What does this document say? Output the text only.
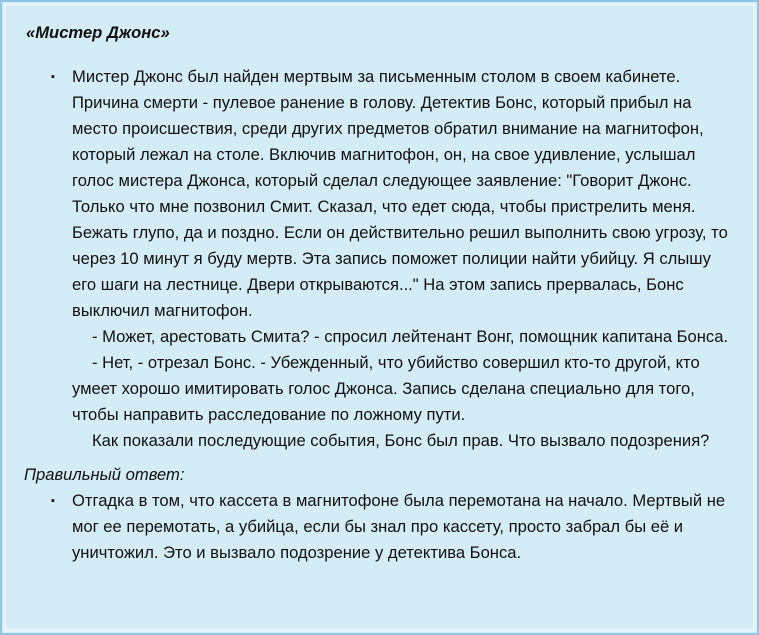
«Мистер Джонс»
▪ Мистер Джонс был найден мертвым за письменным столом в своем кабинете. Причина смерти - пулевое ранение в голову. Детектив Бонс, который прибыл на место происшествия, среди других предметов обратил внимание на магнитофон, который лежал на столе. Включив магнитофон, он, на свое удивление, услышал голос мистера Джонса, который сделал следующее заявление: "Говорит Джонс. Только что мне позвонил Смит. Сказал, что едет сюда, чтобы пристрелить меня. Бежать глупо, да и поздно. Если он действительно решил выполнить свою угрозу, то через 10 минут я буду мертв. Эта запись поможет полиции найти убийцу. Я слышу его шаги на лестнице. Двери открываются..." На этом запись прервалась, Бонс выключил магнитофон.

- Может, арестовать Смита? - спросил лейтенант Вонг, помощник капитана Бонса.

- Нет, - отрезал Бонс. - Убежденный, что убийство совершил кто-то другой, кто умеет хорошо имитировать голос Джонса. Запись сделана специально для того, чтобы направить расследование по ложному пути.

Как показали последующие события, Бонс был прав. Что вызвало подозрения?

Правильный ответ:
▪ Отгадка в том, что кассета в магнитофоне была перемотана на начало. Мертвый не мог ее перемотать, а убийца, если бы знал про кассету, просто забрал бы её и уничтожил. Это и вызвало подозрение у детектива Бонса.
